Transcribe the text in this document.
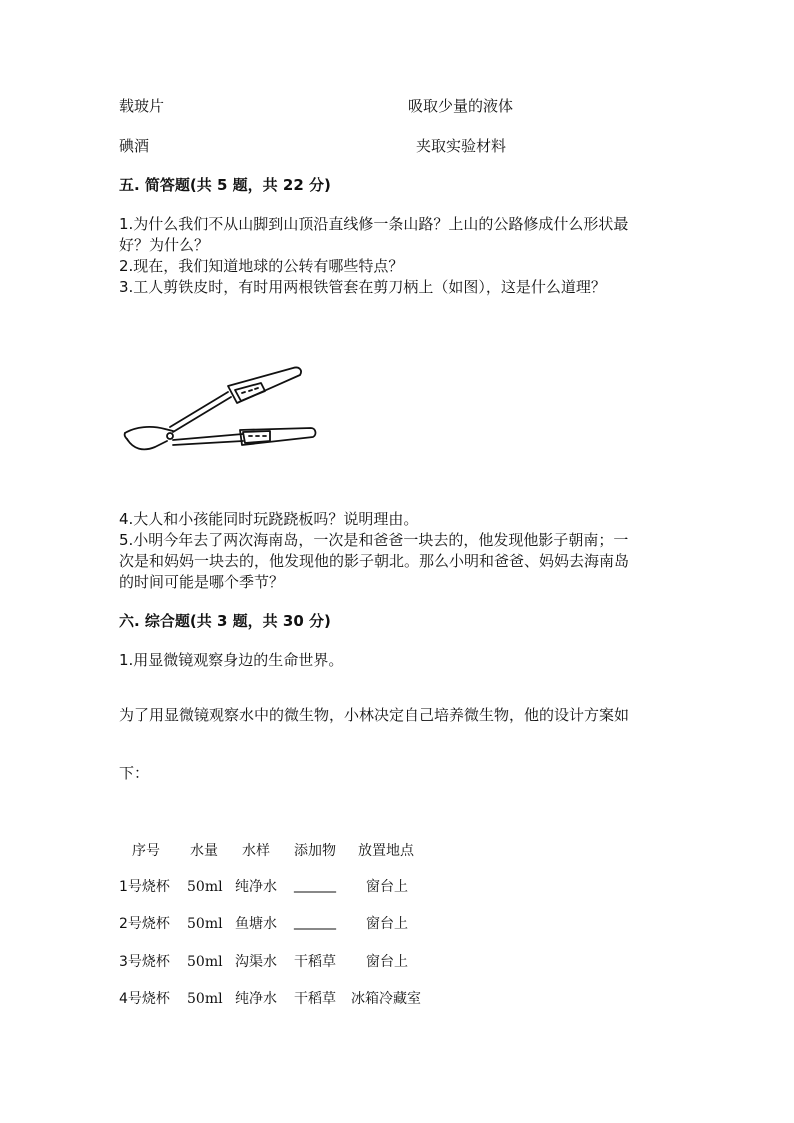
载玻片	吸取少量的液体
碘酒	夹取实验材料
五. 简答题(共 5 题，共 22 分)
1.为什么我们不从山脚到山顶沿直线修一条山路？上山的公路修成什么形状最
好？为什么？
2.现在，我们知道地球的公转有哪些特点？
3.工人剪铁皮时，有时用两根铁管套在剪刀柄上（如图），这是什么道理？
4.大人和小孩能同时玩跷跷板吗？说明理由。
5.小明今年去了两次海南岛，一次是和爸爸一块去的，他发现他影子朝南；一
次是和妈妈一块去的，他发现他的影子朝北。那么小明和爸爸、妈妈去海南岛
的时间可能是哪个季节？
六. 综合题(共 3 题，共 30 分)
1.用显微镜观察身边的生命世界。
为了用显微镜观察水中的微生物，小林决定自己培养微生物，他的设计方案如
下：
序号 水量 水样 添加物 放置地点
1号烧杯 50ml 纯净水 ______ 窗台上
2号烧杯 50ml 鱼塘水 ______ 窗台上
3号烧杯 50ml 沟渠水 干稻草 窗台上
4号烧杯 50ml 纯净水 干稻草 冰箱冷藏室
